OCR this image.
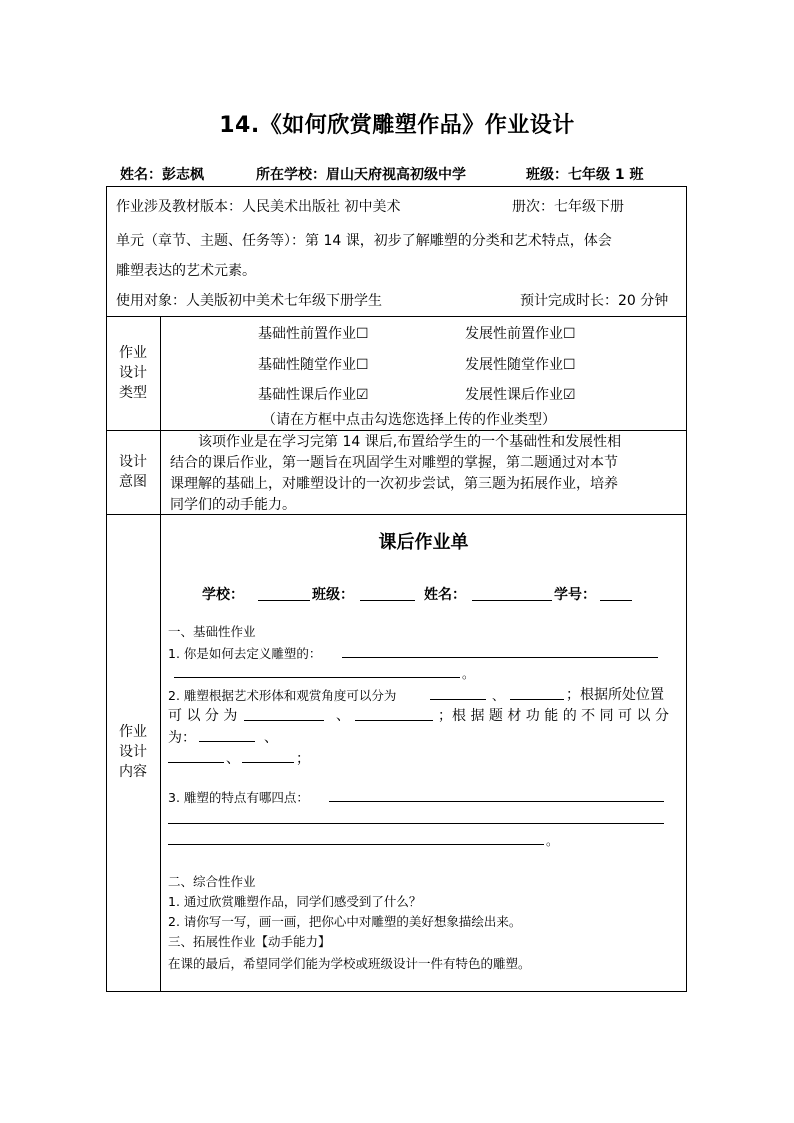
14.《如何欣赏雕塑作品》作业设计
姓名：彭志枫	所在学校：眉山天府视高初级中学	班级：七年级 1 班
作业涉及教材版本：人民美术出版社 初中美术	册次：七年级下册
单元（章节、主题、任务等）：第 14 课，初步了解雕塑的分类和艺术特点，体会
雕塑表达的艺术元素。
使用对象：人美版初中美术七年级下册学生	预计完成时长：20 分钟
作业
设计
类型
基础性前置作业☐	发展性前置作业☐
基础性随堂作业☐	发展性随堂作业☐
基础性课后作业☑	发展性课后作业☑
（请在方框中点击勾选您选择上传的作业类型）
设计
意图
该项作业是在学习完第 14 课后,布置给学生的一个基础性和发展性相
结合的课后作业，第一题旨在巩固学生对雕塑的掌握，第二题通过对本节
课理解的基础上，对雕塑设计的一次初步尝试，第三题为拓展作业，培养
同学们的动手能力。
作业
设计
内容
课后作业单
学校：	班级：	姓名：	学号：
一、基础性作业
1. 你是如何去定义雕塑的：
。
2. 雕塑根据艺术形体和观赏角度可以分为	、	；根据所处位置
可 以 分 为	、	；根 据 题 材 功 能 的 不 同 可 以 分
为：	、
、	；
3. 雕塑的特点有哪四点：
。
二、综合性作业
1. 通过欣赏雕塑作品，同学们感受到了什么？
2. 请你写一写，画一画，把你心中对雕塑的美好想象描绘出来。
三、拓展性作业【动手能力】
在课的最后，希望同学们能为学校或班级设计一件有特色的雕塑。
